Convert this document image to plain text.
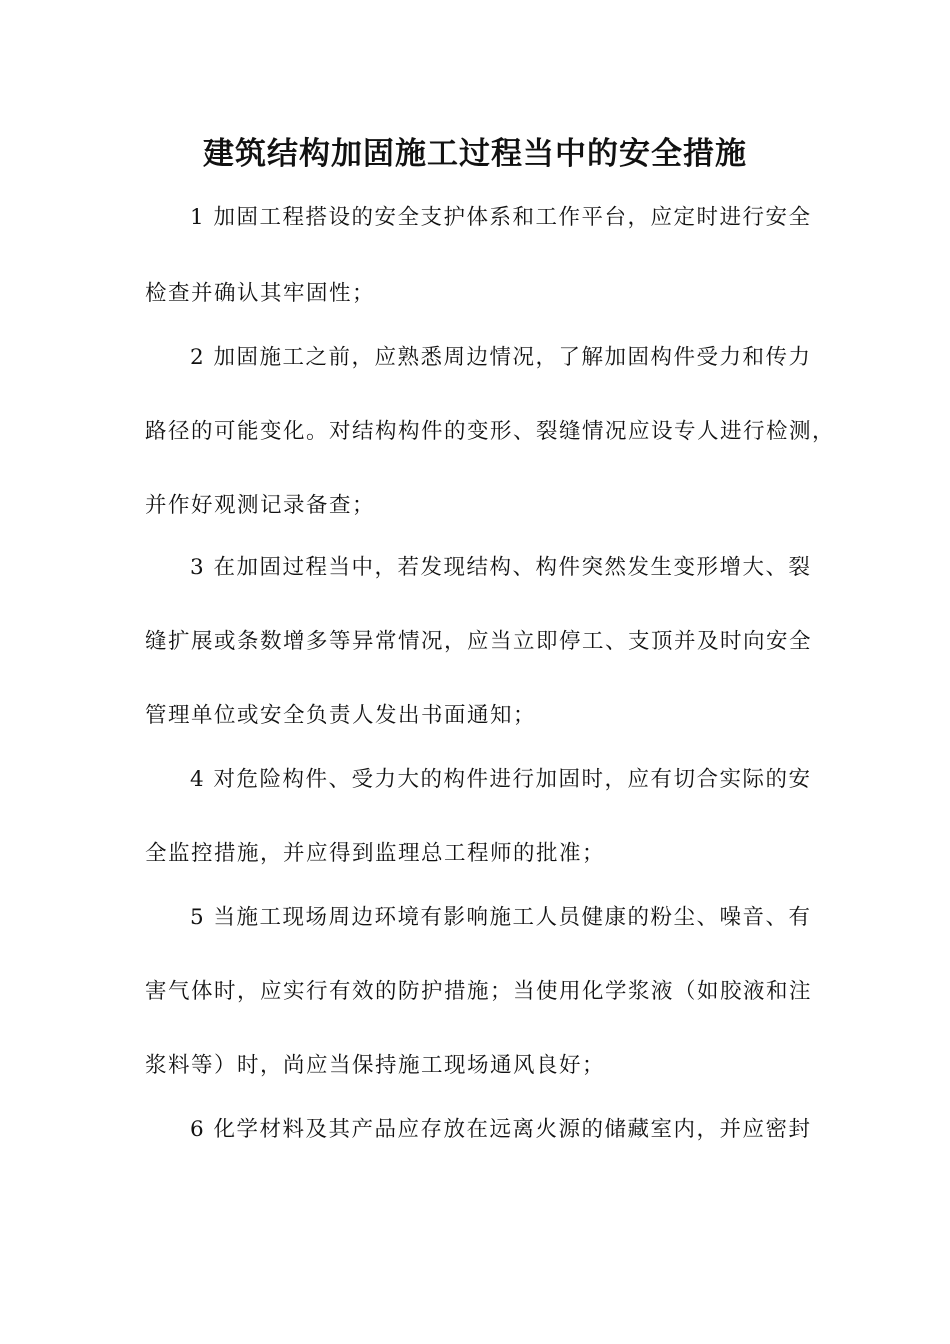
建筑结构加固施工过程当中的安全措施
1 加固工程搭设的安全支护体系和工作平台，应定时进行安全
检查并确认其牢固性；
2 加固施工之前，应熟悉周边情况，了解加固构件受力和传力
路径的可能变化。对结构构件的变形、裂缝情况应设专人进行检测，
并作好观测记录备查；
3 在加固过程当中，若发现结构、构件突然发生变形增大、裂
缝扩展或条数增多等异常情况，应当立即停工、支顶并及时向安全
管理单位或安全负责人发出书面通知；
4 对危险构件、受力大的构件进行加固时，应有切合实际的安
全监控措施，并应得到监理总工程师的批准；
5 当施工现场周边环境有影响施工人员健康的粉尘、噪音、有
害气体时，应实行有效的防护措施；当使用化学浆液（如胶液和注
浆料等）时，尚应当保持施工现场通风良好；
6 化学材料及其产品应存放在远离火源的储藏室内，并应密封
